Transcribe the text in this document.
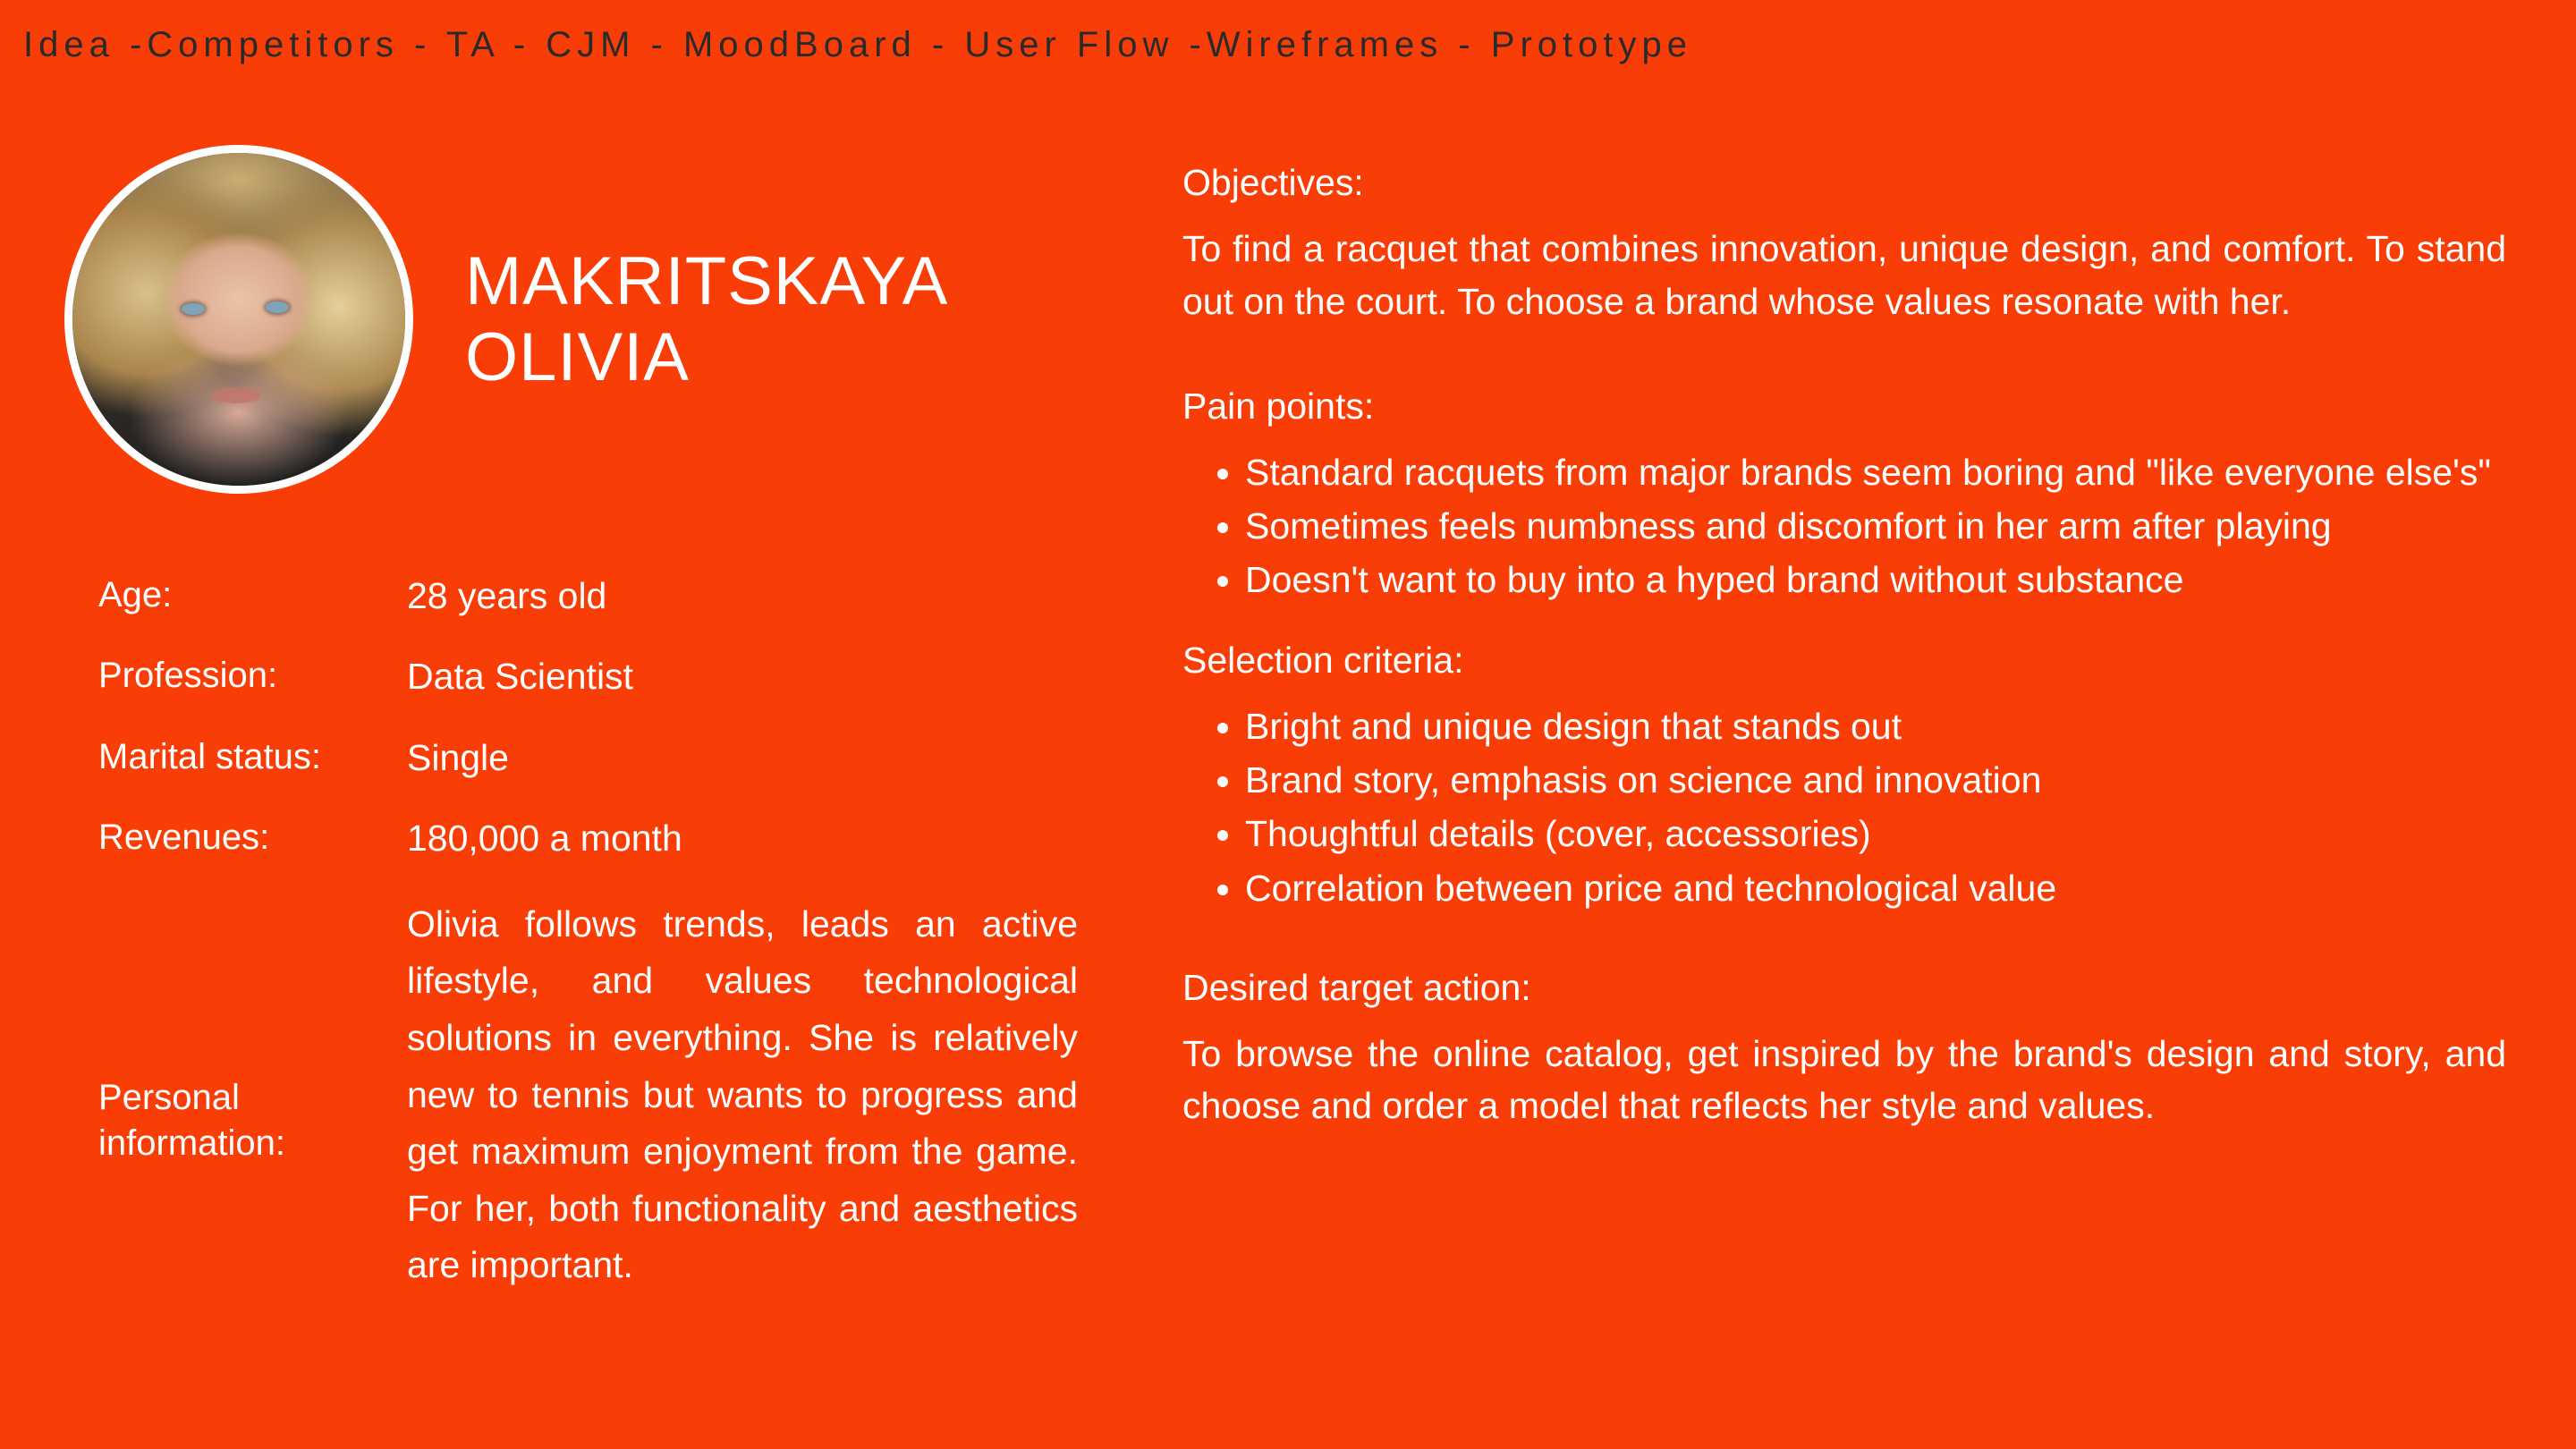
Idea -Competitors - TA - CJM - MoodBoard - User Flow -Wireframes - Prototype
MAKRITSKAYA OLIVIA
Age:	28 years old
Profession:	Data Scientist
Marital status:	Single
Revenues:	180,000 a month
Personal information:
Olivia follows trends, leads an active lifestyle, and values technological solutions in everything. She is relatively new to tennis but wants to progress and get maximum enjoyment from the game. For her, both functionality and aesthetics are important.
Objectives:
To find a racquet that combines innovation, unique design, and comfort. To stand out on the court. To choose a brand whose values resonate with her.
Pain points:
• Standard racquets from major brands seem boring and "like everyone else's"
• Sometimes feels numbness and discomfort in her arm after playing
• Doesn't want to buy into a hyped brand without substance
Selection criteria:
• Bright and unique design that stands out
• Brand story, emphasis on science and innovation
• Thoughtful details (cover, accessories)
• Correlation between price and technological value
Desired target action:
To browse the online catalog, get inspired by the brand's design and story, and choose and order a model that reflects her style and values.
